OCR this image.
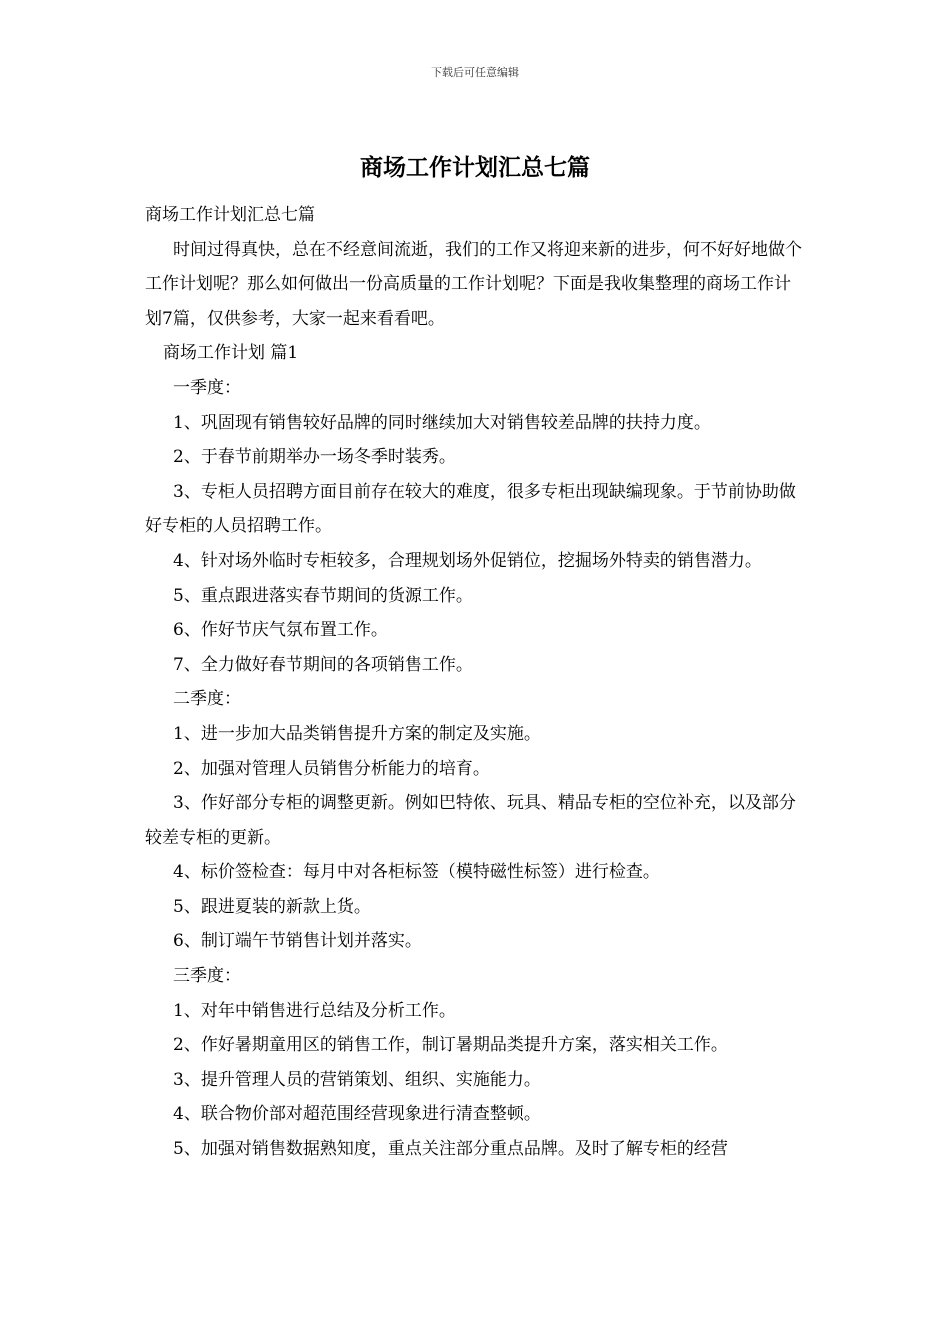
下载后可任意编辑
商场工作计划汇总七篇

商场工作计划汇总七篇

时间过得真快，总在不经意间流逝，我们的工作又将迎来新的进步，何不好好地做个工作计划呢？那么如何做出一份高质量的工作计划呢？下面是我收集整理的商场工作计划7篇，仅供参考，大家一起来看看吧。

商场工作计划 篇1

一季度：

1、巩固现有销售较好品牌的同时继续加大对销售较差品牌的扶持力度。

2、于春节前期举办一场冬季时装秀。

3、专柜人员招聘方面目前存在较大的难度，很多专柜出现缺编现象。于节前协助做好专柜的人员招聘工作。

4、针对场外临时专柜较多，合理规划场外促销位，挖掘场外特卖的销售潜力。

5、重点跟进落实春节期间的货源工作。

6、作好节庆气氛布置工作。

7、全力做好春节期间的各项销售工作。

二季度：

1、进一步加大品类销售提升方案的制定及实施。

2、加强对管理人员销售分析能力的培育。

3、作好部分专柜的调整更新。例如巴特侬、玩具、精品专柜的空位补充，以及部分较差专柜的更新。

4、标价签检查：每月中对各柜标签（模特磁性标签）进行检查。

5、跟进夏装的新款上货。

6、制订端午节销售计划并落实。

三季度：

1、对年中销售进行总结及分析工作。

2、作好暑期童用区的销售工作，制订暑期品类提升方案，落实相关工作。

3、提升管理人员的营销策划、组织、实施能力。

4、联合物价部对超范围经营现象进行清查整顿。

5、加强对销售数据熟知度，重点关注部分重点品牌。及时了解专柜的经营
